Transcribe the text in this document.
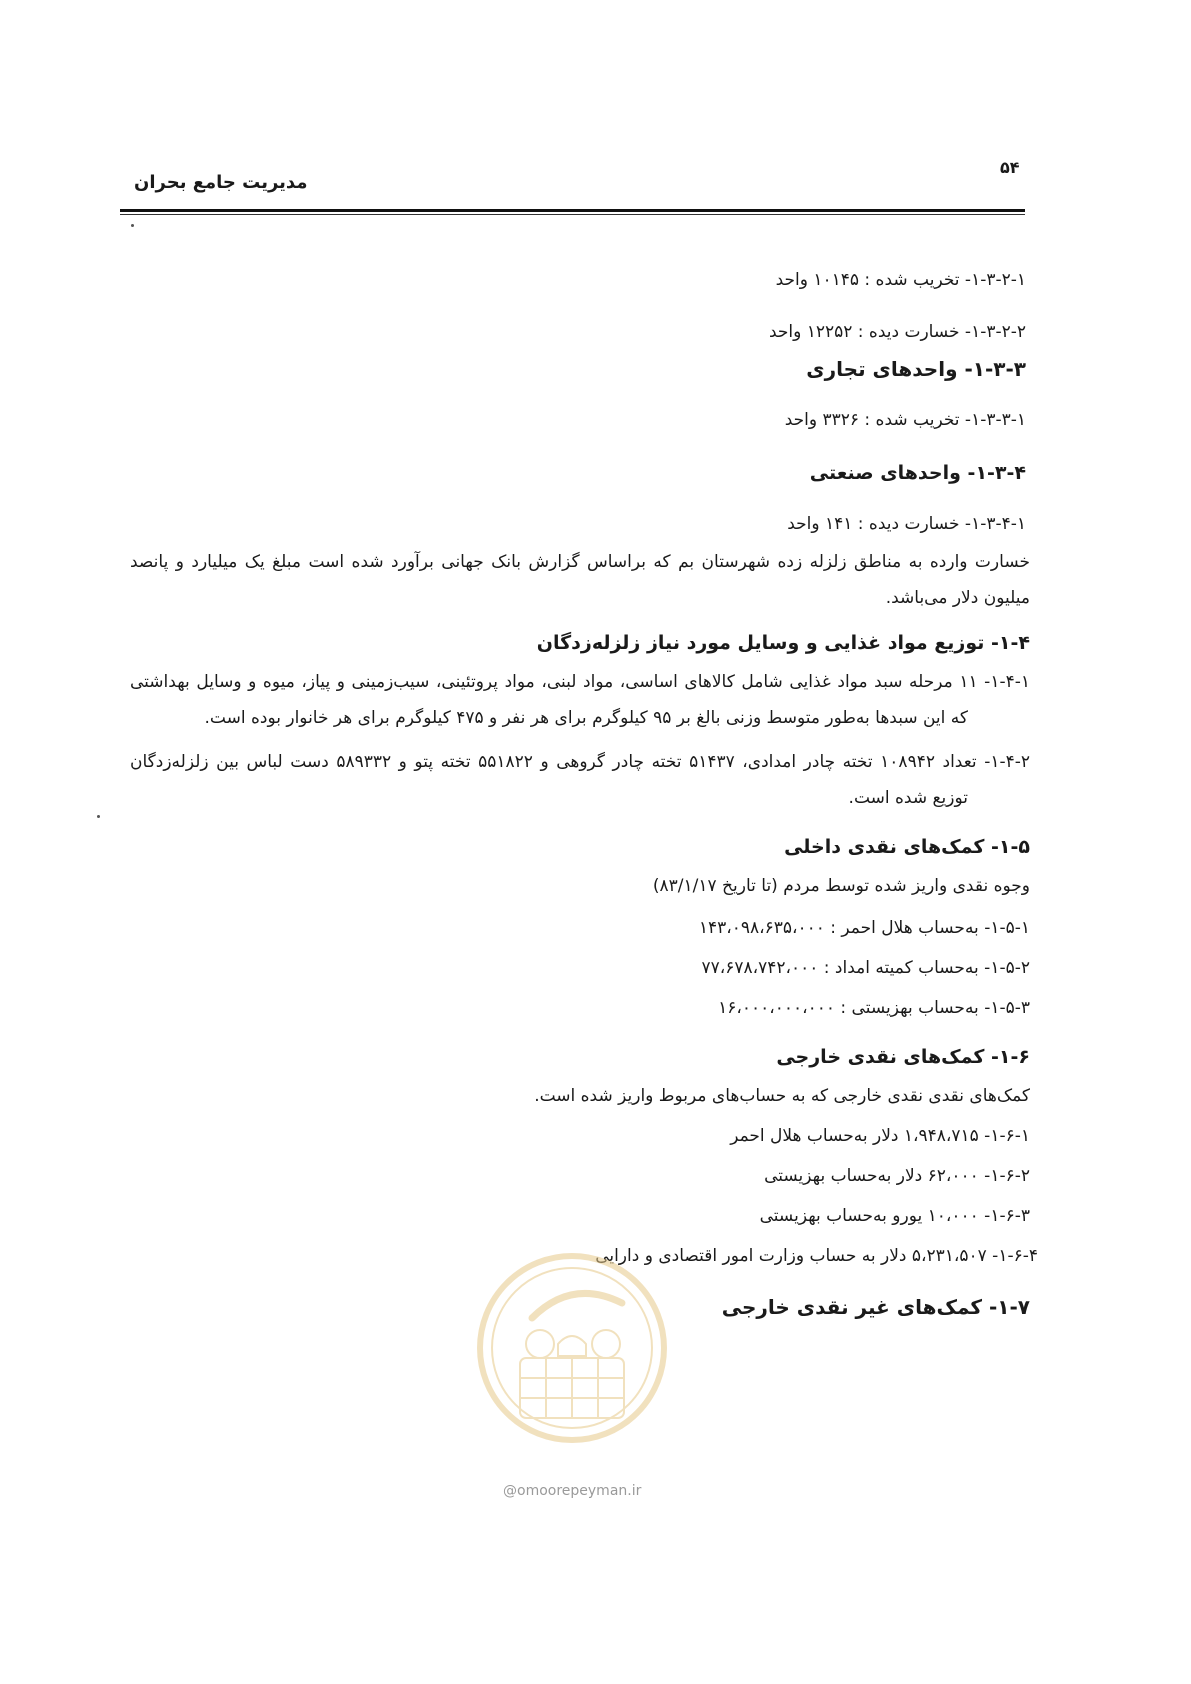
۵۴
مدیریت جامع بحران
۱-۳-۲-۱- تخریب شده : ۱۰۱۴۵ واحد
۱-۳-۲-۲- خسارت دیده : ۱۲۲۵۲ واحد
۱-۳-۳- واحدهای تجاری
۱-۳-۳-۱- تخریب شده : ۳۳۲۶ واحد
۱-۳-۴- واحدهای صنعتی
۱-۳-۴-۱- خسارت دیده : ۱۴۱ واحد
خسارت وارده به مناطق زلزله زده شهرستان بم که براساس گزارش بانک جهانی برآورد شده است مبلغ یک میلیارد و پانصد میلیون دلار می‌باشد.
۱-۴- توزیع مواد غذایی و وسایل مورد نیاز زلزله‌زدگان
۱-۴-۱- ۱۱ مرحله سبد مواد غذایی شامل کالاهای اساسی، مواد لبنی، مواد پروتئینی، سیب‌زمینی و پیاز، میوه و وسایل بهداشتی که این سبدها به‌طور متوسط وزنی بالغ بر ۹۵ کیلوگرم برای هر نفر و ۴۷۵ کیلوگرم برای هر خانوار بوده است.
۱-۴-۲- تعداد ۱۰۸۹۴۲ تخته چادر امدادی، ۵۱۴۳۷ تخته چادر گروهی و ۵۵۱۸۲۲ تخته پتو و ۵۸۹۳۳۲ دست لباس بین زلزله‌زدگان توزیع شده است.
۱-۵- کمک‌های نقدی داخلی
وجوه نقدی واریز شده توسط مردم (تا تاریخ ۸۳/۱/۱۷)
۱-۵-۱- به‌حساب هلال احمر : ۱۴۳،۰۹۸،۶۳۵،۰۰۰
۱-۵-۲- به‌حساب کمیته امداد : ۷۷،۶۷۸،۷۴۲،۰۰۰
۱-۵-۳- به‌حساب بهزیستی : ۱۶،۰۰۰،۰۰۰،۰۰۰
۱-۶- کمک‌های نقدی خارجی
کمک‌های نقدی نقدی خارجی که به حساب‌های مربوط واریز شده است.
۱-۶-۱- ۱،۹۴۸،۷۱۵ دلار به‌حساب هلال احمر
۱-۶-۲- ۶۲،۰۰۰ دلار به‌حساب بهزیستی
۱-۶-۳- ۱۰،۰۰۰ یورو به‌حساب بهزیستی
۱-۶-۴- ۵،۲۳۱،۵۰۷ دلار به حساب وزارت امور اقتصادی و دارایی
۱-۷- کمک‌های غیر نقدی خارجی
@omoorepeyman.ir
